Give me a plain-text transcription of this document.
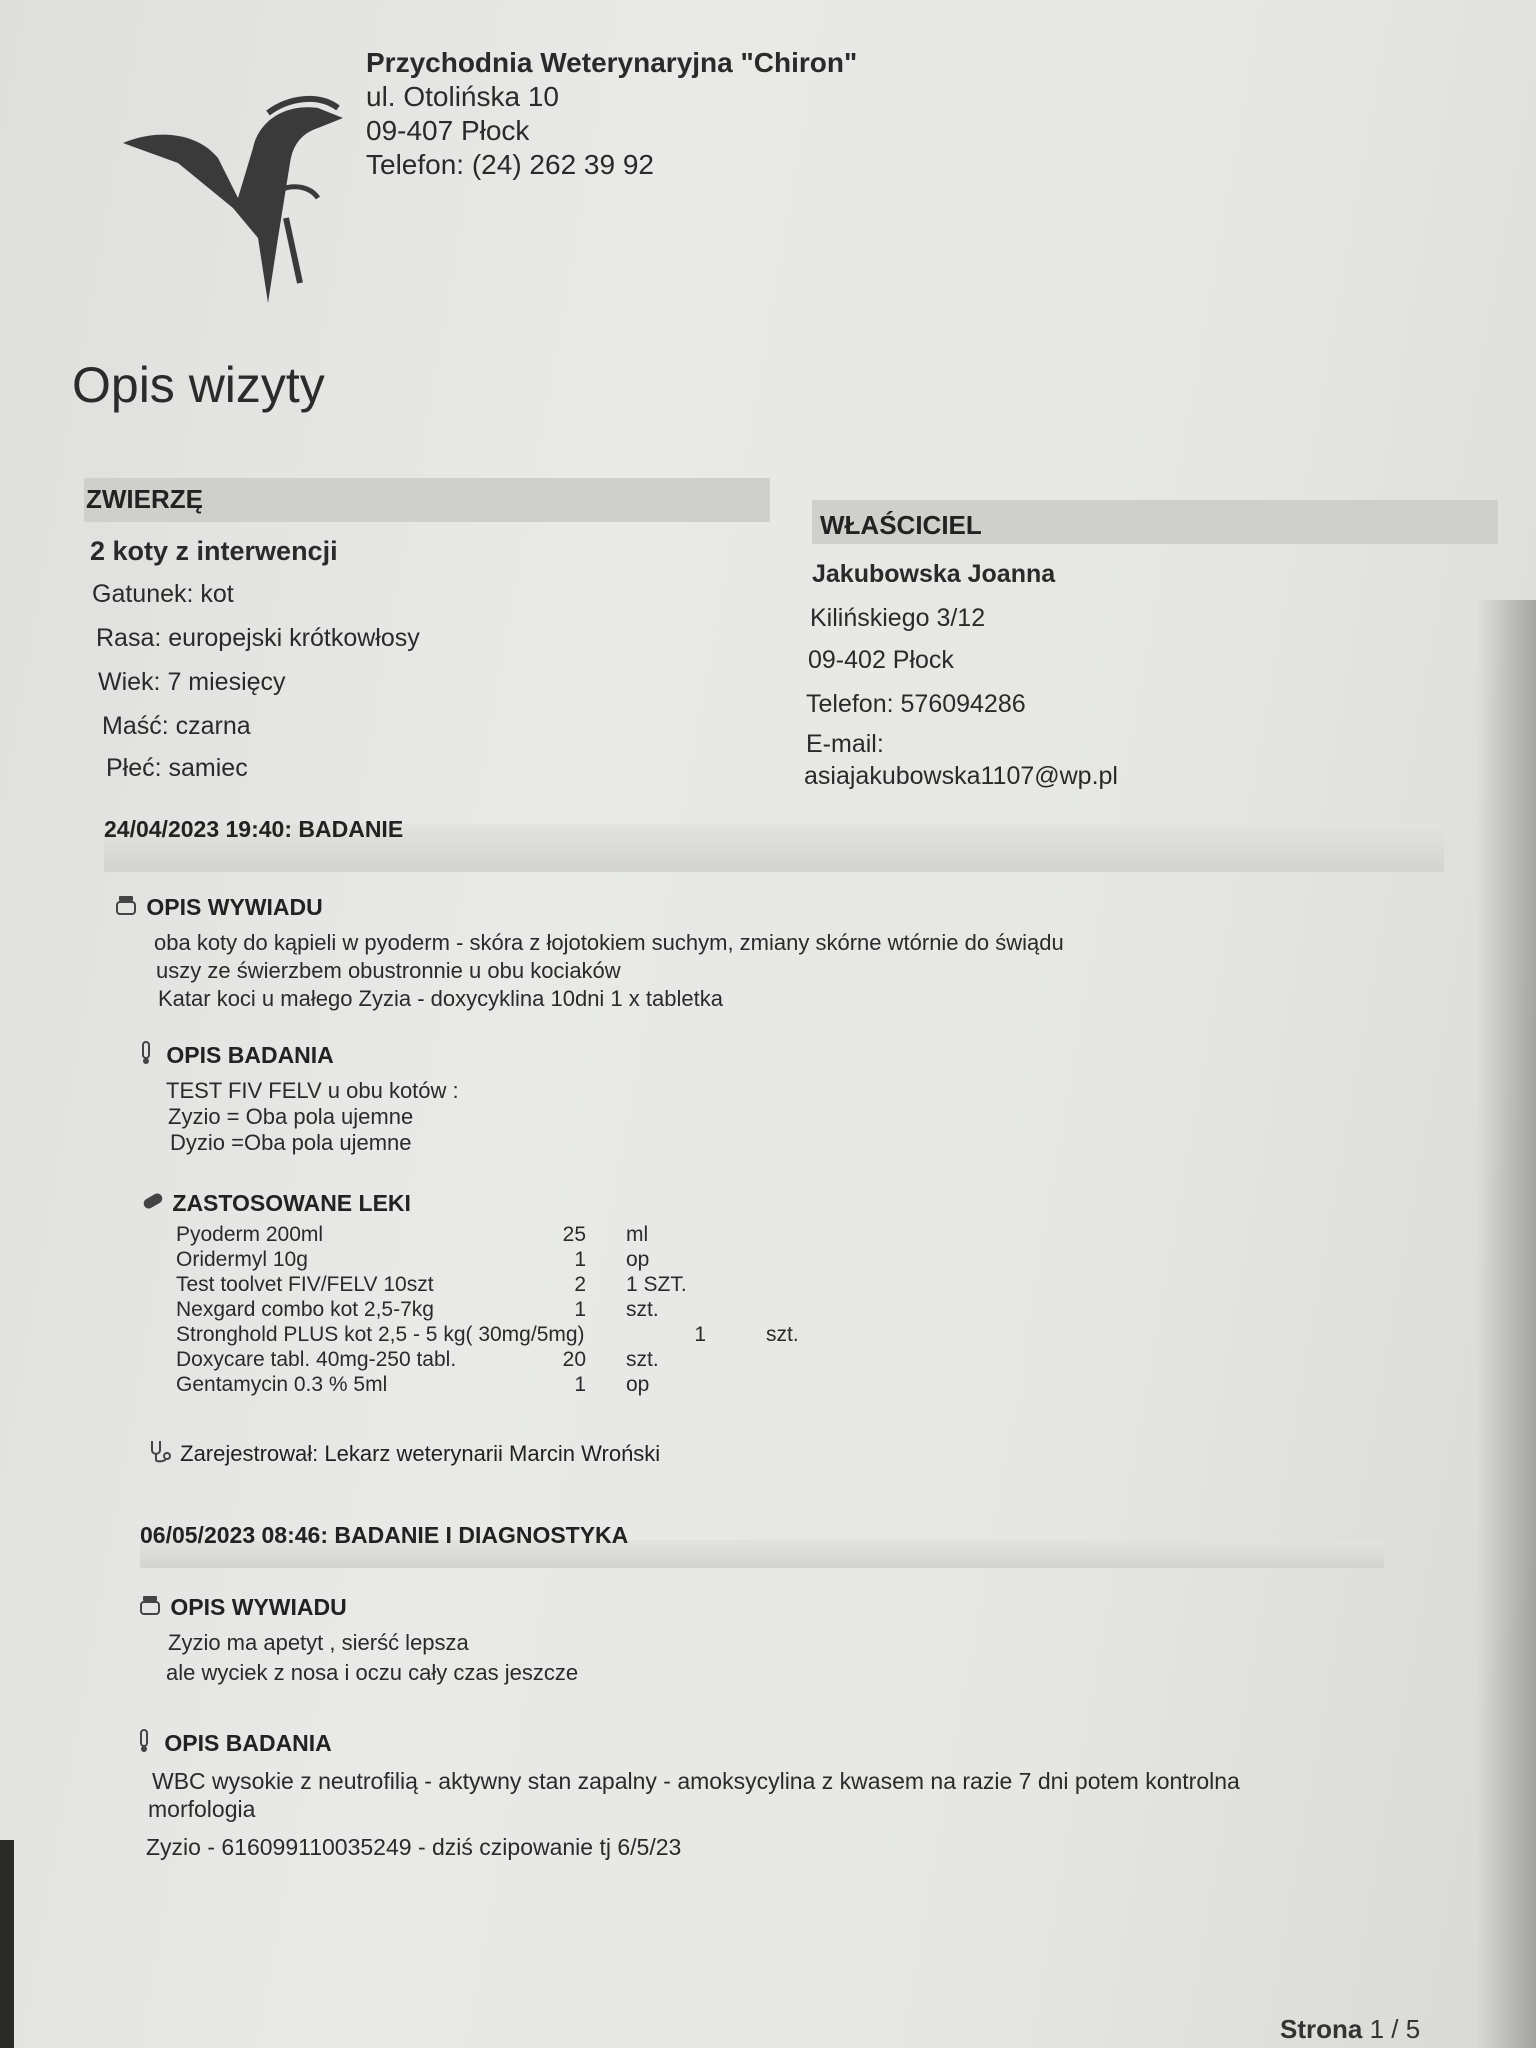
Przychodnia Weterynaryjna "Chiron"
ul. Otolińska 10
09-407 Płock
Telefon: (24) 262 39 92
Opis wizyty
ZWIERZĘ
2 koty z interwencji
Gatunek: kot
Rasa: europejski krótkowłosy
Wiek: 7 miesięcy
Maść: czarna
Płeć: samiec
WŁAŚCICIEL
Jakubowska Joanna
Kilińskiego 3/12
09-402 Płock
Telefon: 576094286
E-mail:
asiajakubowska1107@wp.pl
24/04/2023 19:40: BADANIE
OPIS WYWIADU
oba koty do kąpieli w pyoderm - skóra z łojotokiem suchym, zmiany skórne wtórnie do świądu
uszy ze świerzbem obustronnie u obu kociaków
Katar koci u małego Zyzia - doxycyklina 10dni 1 x tabletka
OPIS BADANIA
TEST FIV FELV u obu kotów :
Zyzio = Oba pola ujemne
Dyzio =Oba pola ujemne
ZASTOSOWANE LEKI
Pyoderm 200ml	25 ml
Oridermyl 10g	1 op
Test toolvet FIV/FELV 10szt	2 1 SZT.
Nexgard combo kot 2,5-7kg	1 szt.
Stronghold PLUS kot 2,5 - 5 kg( 30mg/5mg)	1	szt.
Doxycare tabl. 40mg-250 tabl.	20 szt.
Gentamycin 0.3 % 5ml	1 op
Zarejestrował: Lekarz weterynarii Marcin Wroński
06/05/2023 08:46: BADANIE I DIAGNOSTYKA
OPIS WYWIADU
Zyzio ma apetyt , sierść lepsza
ale wyciek z nosa i oczu cały czas jeszcze
OPIS BADANIA
WBC wysokie z neutrofilią - aktywny stan zapalny - amoksycylina z kwasem na razie 7 dni potem kontrolna
morfologia
Zyzio - 616099110035249 - dziś czipowanie tj 6/5/23
Strona 1 / 5
